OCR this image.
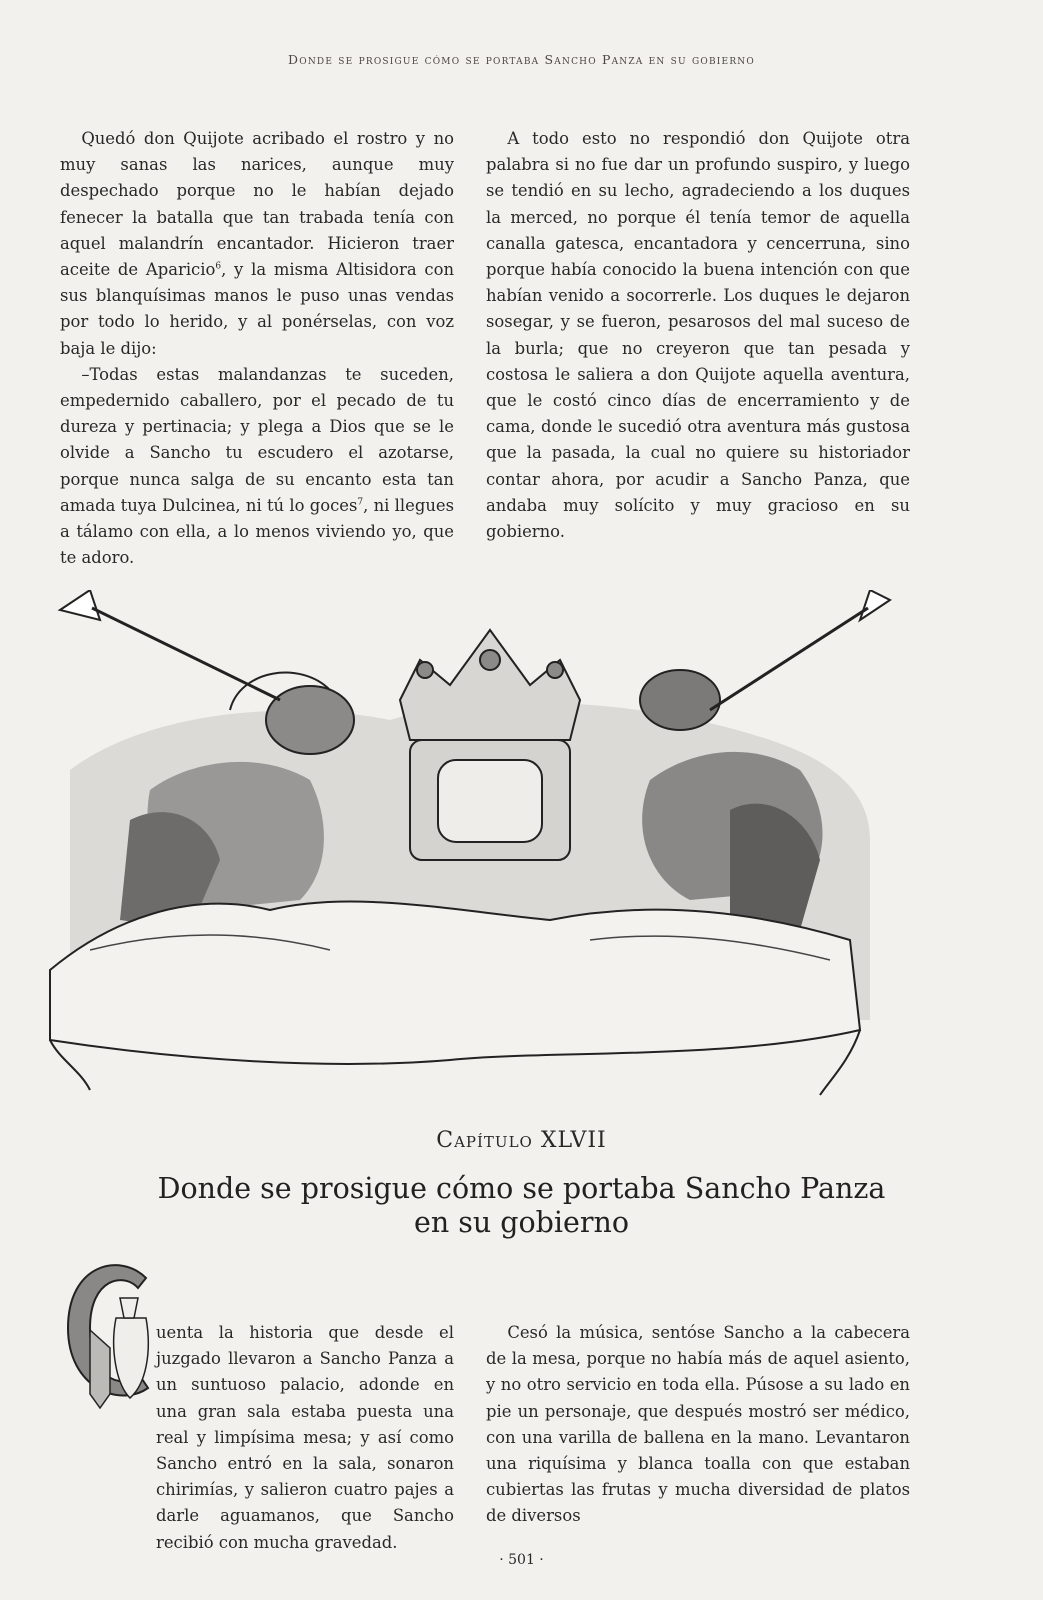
Donde se prosigue cómo se portaba Sancho Panza en su gobierno

Quedó don Quijote acribado el rostro y no muy sanas las narices, aunque muy despechado porque no le habían dejado fenecer la batalla que tan trabada tenía con aquel malandrín encantador. Hicieron traer aceite de Aparicio$^6$, y la misma Altisidora con sus blanquísimas manos le puso unas vendas por todo lo herido, y al ponérselas, con voz baja le dijo:

–Todas estas malandanzas te suceden, empedernido caballero, por el pecado de tu dureza y pertinacia; y plega a Dios que se le olvide a Sancho tu escudero el azotarse, porque nunca salga de su encanto esta tan amada tuya Dulcinea, ni tú lo goces$^7$, ni llegues a tálamo con ella, a lo menos viviendo yo, que te adoro.

A todo esto no respondió don Quijote otra palabra si no fue dar un profundo suspiro, y luego se tendió en su lecho, agradeciendo a los duques la merced, no porque él tenía temor de aquella canalla gatesca, encantadora y cencerruna, sino porque había conocido la buena intención con que habían venido a socorrerle. Los duques le dejaron sosegar, y se fueron, pesarosos del mal suceso de la burla; que no creyeron que tan pesada y costosa le saliera a don Quijote aquella aventura, que le costó cinco días de encerramiento y de cama, donde le sucedió otra aventura más gustosa que la pasada, la cual no quiere su historiador contar ahora, por acudir a Sancho Panza, que andaba muy solícito y muy gracioso en su gobierno.

Capítulo XLVII
Donde se prosigue cómo se portaba Sancho Panza
en su gobierno

uenta la historia que desde el juzgado llevaron a Sancho Panza a un suntuoso palacio, adonde en una gran sala estaba puesta una real y limpísima mesa; y así como Sancho entró en la sala, sonaron chirimías, y salieron cuatro pajes a darle aguamanos, que Sancho recibió con mucha gravedad.

Cesó la música, sentóse Sancho a la cabecera de la mesa, porque no había más de aquel asiento, y no otro servicio en toda ella. Púsose a su lado en pie un personaje, que después mostró ser médico, con una varilla de ballena en la mano. Levantaron una riquísima y blanca toalla con que estaban cubiertas las frutas y mucha diversidad de platos de diversos

· 501 ·
